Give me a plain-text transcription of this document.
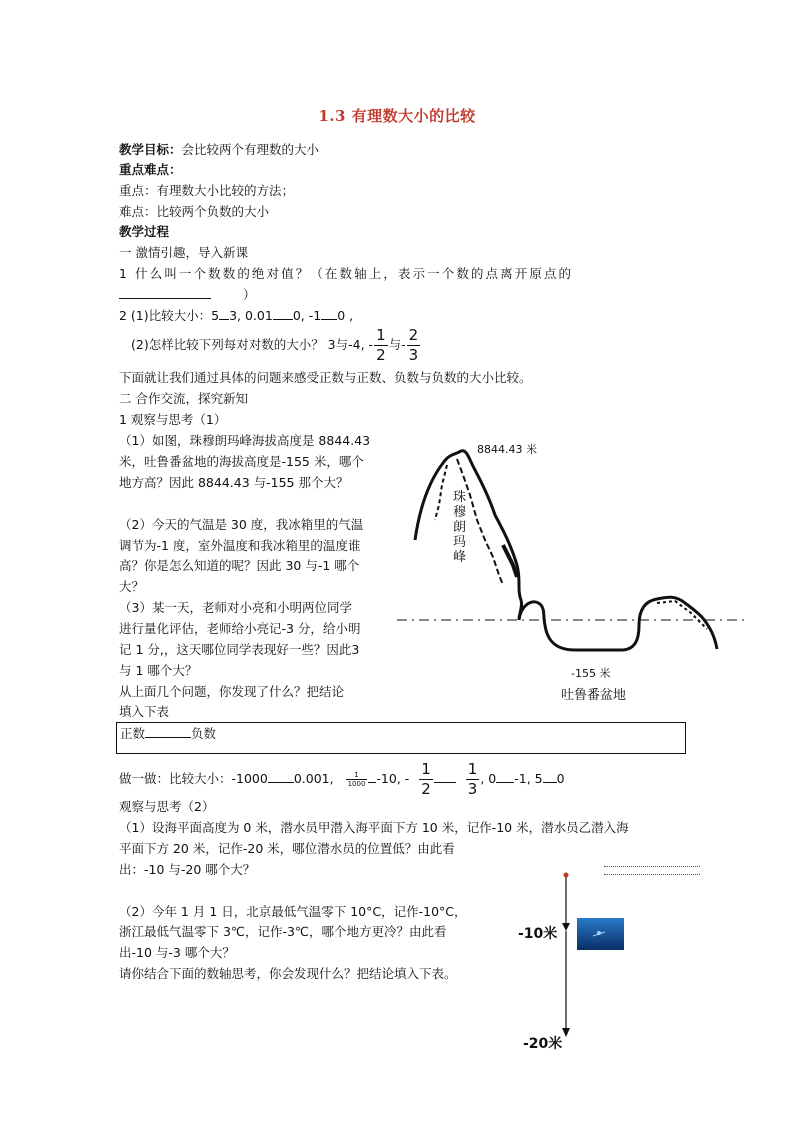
1.3 有理数大小的比较
教学目标：会比较两个有理数的大小
重点难点：
重点：有理数大小比较的方法；
难点：比较两个负数的大小
教学过程
一 激情引趣，导入新课
1 什么叫一个数数的绝对值？（在数轴上，表示一个数的点离开原点的
）
2 (1)比较大小：5 3, 0.01 0, -1 0 ,
(2)怎样比较下列每对对数的大小？ 3与-4, - $\frac{1}{2}$ 与- $\frac{2}{3}$
下面就让我们通过具体的问题来感受正数与正数、负数与负数的大小比较。
二 合作交流，探究新知
1 观察与思考（1）
（1）如图，珠穆朗玛峰海拔高度是 8844.43
米，吐鲁番盆地的海拔高度是-155 米，哪个
地方高？因此 8844.43 与-155 那个大？
（2）今天的气温是 30 度，我冰箱里的气温
调节为-1 度，室外温度和我冰箱里的温度谁
高？你是怎么知道的呢？因此 30 与-1 哪个
大？
（3）某一天，老师对小亮和小明两位同学
进行量化评估，老师给小亮记-3 分，给小明
记 1 分,，这天哪位同学表现好一些？因此3
与 1 哪个大？
从上面几个问题，你发现了什么？把结论
填入下表
正数	负数
做一做：比较大小：-1000 0.001, $\frac{1}{1000} -10$, - $\frac{1}{2}$
$\frac{1}{3}$ , 0 -1, 5 0
观察与思考（2）
（1）设海平面高度为 0 米，潜水员甲潜入海平面下方 10 米，记作-10 米，潜水员乙潜入海
平面下方 20 米，记作-20 米，哪位潜水员的位置低？由此看
出：-10 与-20 哪个大？
（2）今年 1 月 1 日，北京最低气温零下 10°C，记作-10°C，
浙江最低气温零下 3℃，记作-3℃，哪个地方更冷？由此看
出-10 与-3 哪个大？
请你结合下面的数轴思考，你会发现什么？把结论填入下表。
8844.43 米
-155 米
吐鲁番盆地
珠穆朗玛峰
-10米
-20米
